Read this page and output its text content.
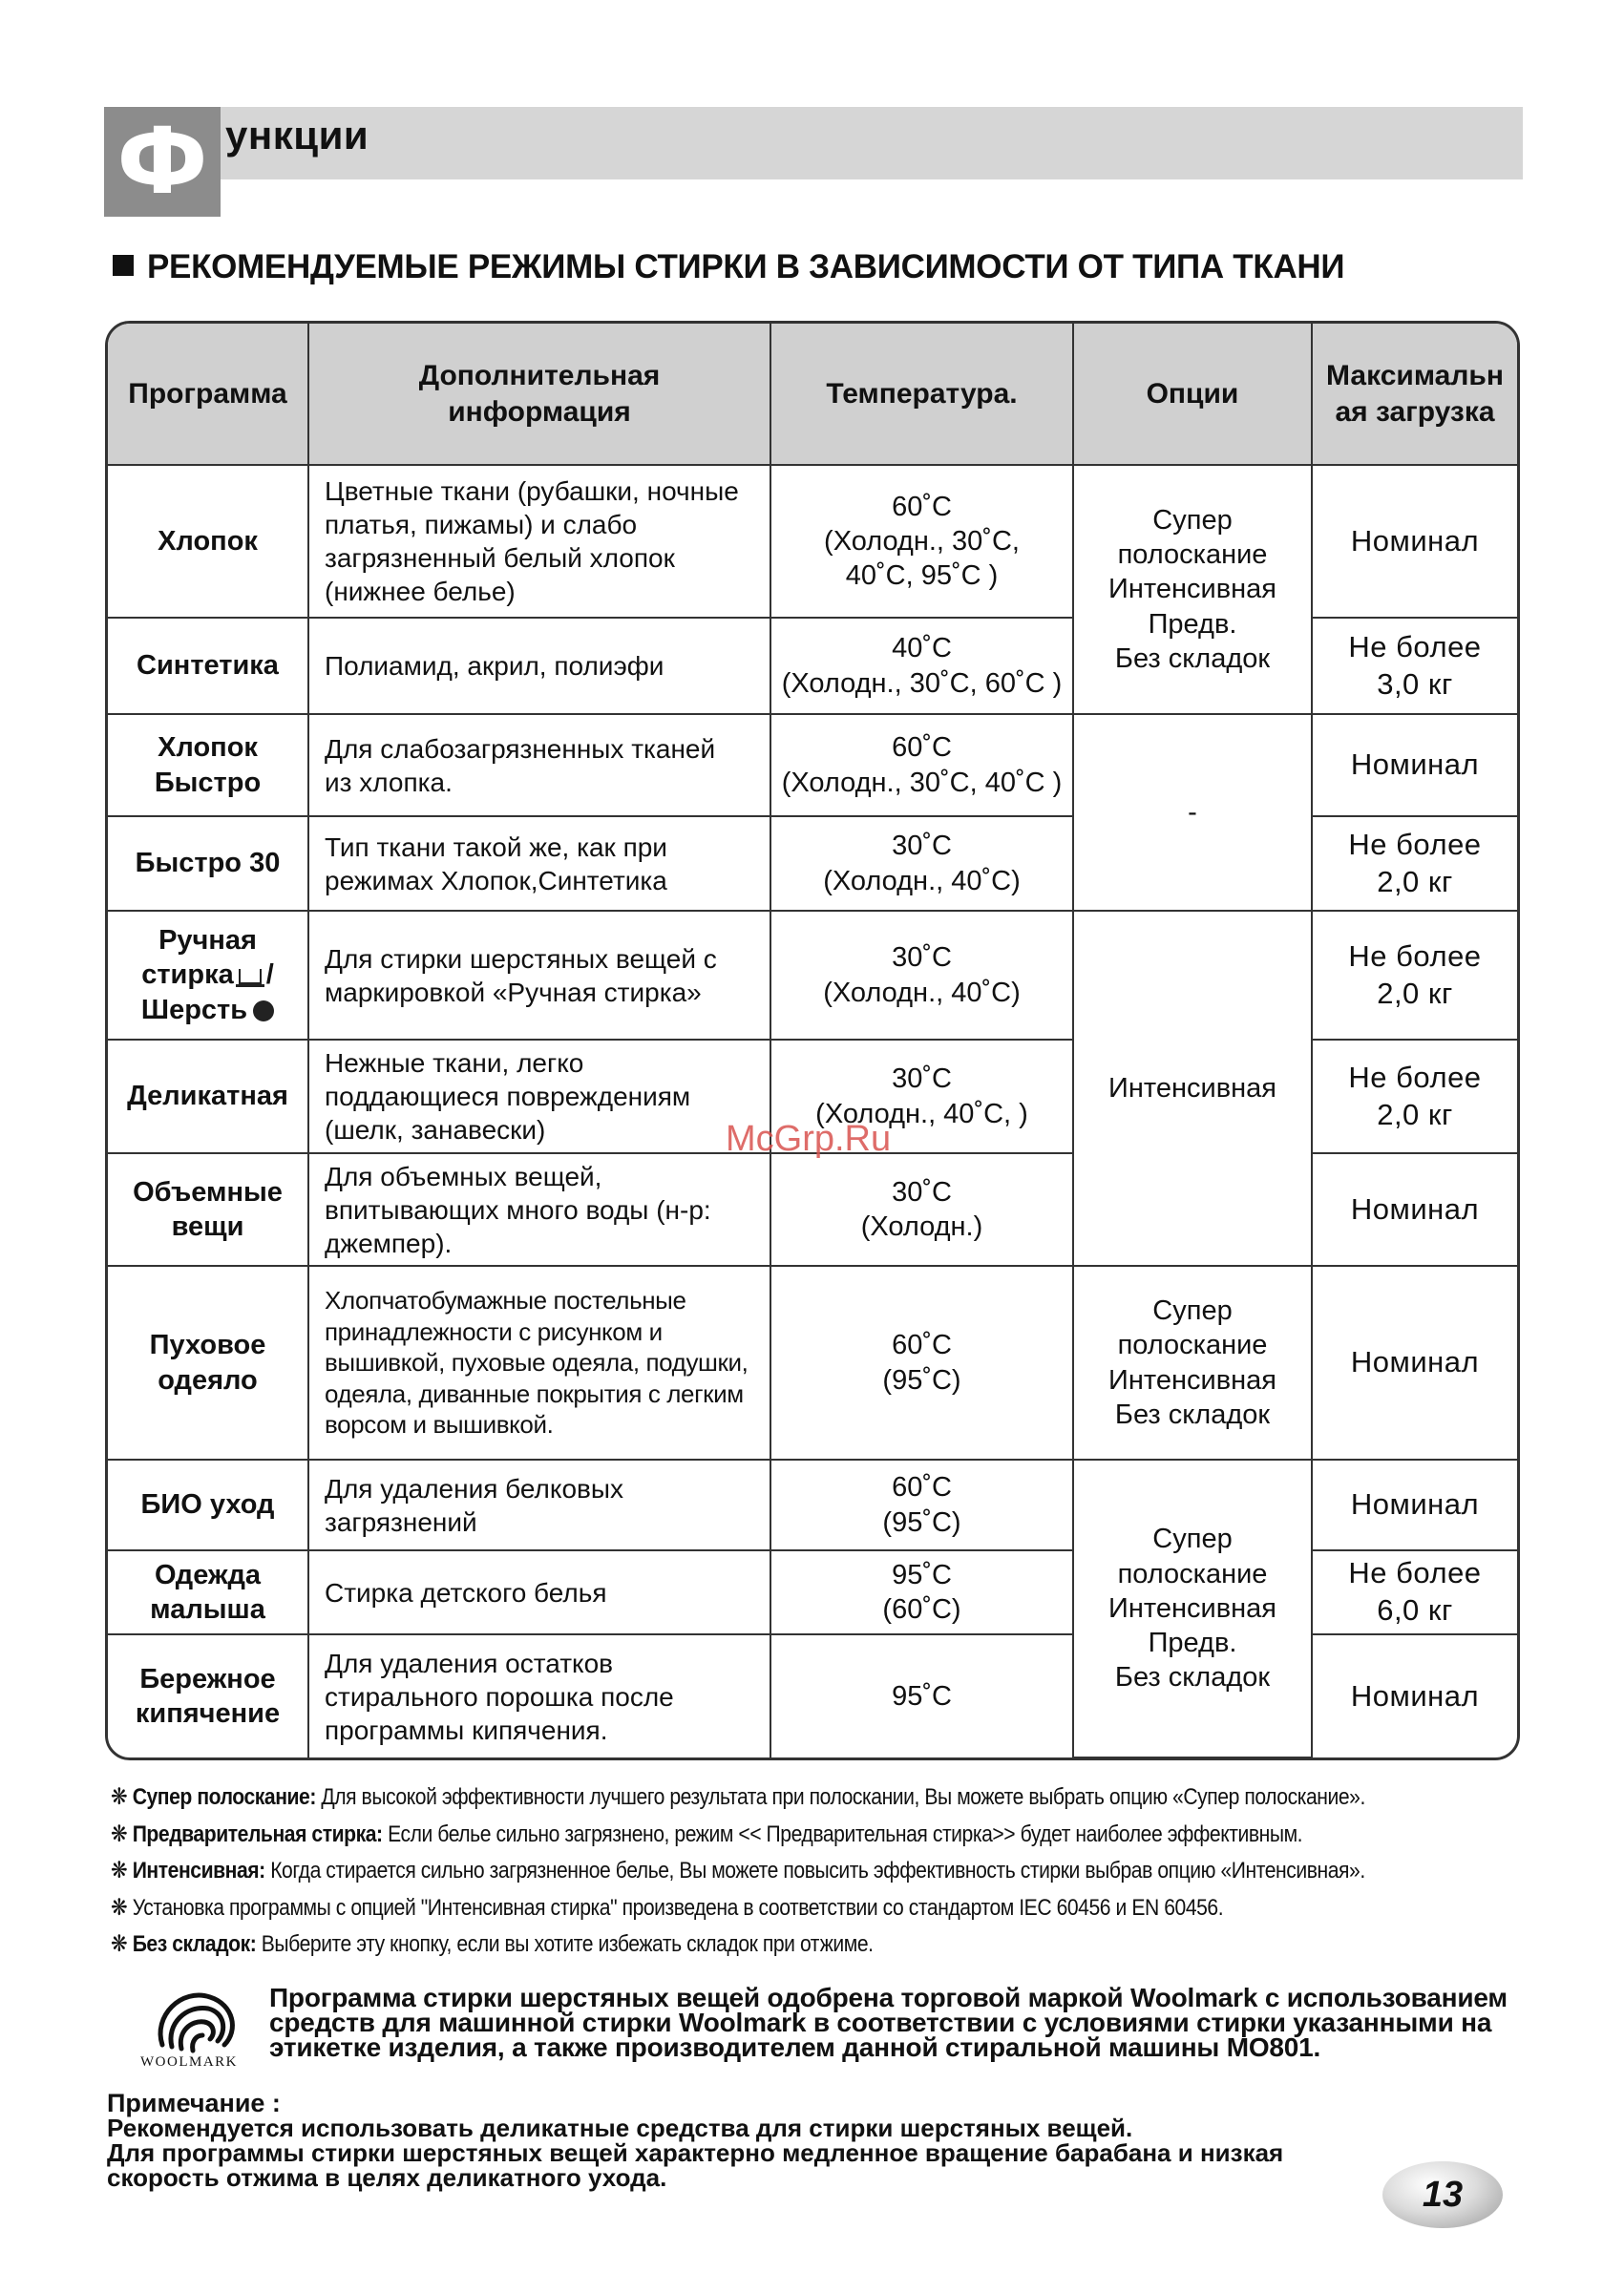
Ф ункции
РЕКОМЕНДУЕМЫЕ РЕЖИМЫ СТИРКИ В ЗАВИСИМОСТИ ОТ ТИПА ТКАНИ
Программа	Дополнительная
информация	Температура.	Опции	Максимальн
ая загрузка
Хлопок	Цветные ткани (рубашки, ночные
платья, пижамы) и слабо
загрязненный белый хлопок
(нижнее белье)	60˚C
(Холодн., 30˚C,
40˚C, 95˚C )	Супер полоскание
Интенсивная
Предв.
Без складок	Номинал
Синтетика	Полиамид, акрил, полиэфи	40˚C
(Холодн., 30˚C, 60˚C )		Не более
3,0 кг
Хлопок
Быстро	Для слабозагрязненных тканей
из хлопка.	60˚C
(Холодн., 30˚C, 40˚C )	-	Номинал
Быстро 30	Тип ткани такой же, как при
режимах Хлопок,Синтетика	30˚C
(Холодн., 40˚C)		Не более
2,0 кг
Ручная
стирка /
Шерсть	Для стирки шерстяных вещей с
маркировкой «Ручная стирка»	30˚C
(Холодн., 40˚C)	Интенсивная	Не более
2,0 кг
Деликатная	Нежные ткани, легко
поддающиеся повреждениям
(шелк, занавески)	30˚C
(Холодн., 40˚C, )		Не более
2,0 кг
Объемные
вещи	Для объемных вещей,
впитывающих много воды (н-р:
джемпер).	30˚C
(Холодн.)		Номинал
Пуховое
одеяло	Хлопчатобумажные постельные
принадлежности с рисунком и
вышивкой, пуховые одеяла, подушки,
одеяла, диванные покрытия с легким
ворсом и вышивкой.	60˚C
(95˚C)	Супер
полоскание
Интенсивная
Без складок	Номинал
БИО уход	Для удаления белковых
загрязнений	60˚C
(95˚C)	Супер полоскание
Интенсивная
Предв.
Без складок	Номинал
Одежда
малыша	Стирка детского белья	95˚C
(60˚C)		Не более
6,0 кг
Бережное
кипячение	Для удаления остатков
стирального порошка после
программы кипячения.	95˚C		Номинал
McGrp.Ru
❋ Супер полоскание: Для высокой эффективности лучшего результата при полоскании, Вы можете выбрать опцию «Супер полоскание».
❋ Предварительная стирка: Если белье сильно загрязнено, режим << Предварительная стирка>> будет наиболее эффективным.
❋ Интенсивная: Когда стирается сильно загрязненное белье, Вы можете повысить эффективность стирки выбрав опцию «Интенсивная».
❋ Установка программы с опцией "Интенсивная стирка" произведена в соответствии со стандартом IEC 60456 и EN 60456.
❋ Без складок: Выберите эту кнопку, если вы хотите избежать складок при отжиме.
WOOLMARK
Программа стирки шерстяных вещей одобрена торговой маркой Woolmark с использованием
средств для машинной стирки Woolmark в соответствии с условиями стирки указанными на
этикетке изделия, а также производителем данной стиральной машины MO801.
Примечание :
Рекомендуется использовать деликатные средства для стирки шерстяных вещей.
Для программы стирки шерстяных вещей характерно медленное вращение барабана и низкая
скорость отжима в целях деликатного ухода.	13
